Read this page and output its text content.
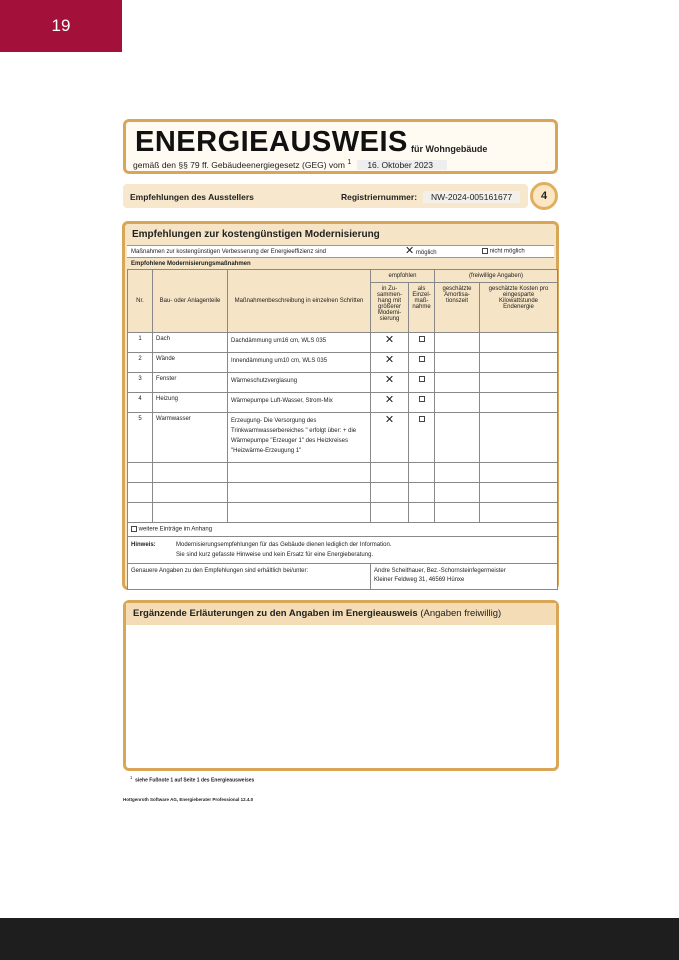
19
ENERGIEAUSWEIS für Wohngebäude
gemäß den §§ 79 ff. Gebäudeenergiegesetz (GEG) vom $^1$ 16. Oktober 2023
Empfehlungen des Ausstellers	Registriernummer:	NW-2024-005161677	4
Empfehlungen zur kostengünstigen Modernisierung
Maßnahmen zur kostengünstigen Verbesserung der Energieeffizienz sind	✕ möglich	nicht möglich
Empfohlene Modernisierungsmaßnahmen
Nr.	Bau- oder Anlagenteile	Maßnahmenbeschreibung in einzelnen Schritten	empfohlen		(freiwillige Angaben)	
			in Zu-sammen-hang mit größerer Modemi-sierung	als Einzel-maß-nahme	geschätzte Amortisa-tionszeit	geschätzte Kosten pro eingesparte Kilowattstunde Endenergie
1	Dach	Dachdämmung um16 cm, WLS 035	✕			
2	Wände	Innendämmung um10 cm, WLS 035	✕			
3	Fenster	Wärmeschutzverglasung	✕			
4	Heizung	Wärmepumpe Luft-Wasser, Strom-Mix	✕			
5	Warmwasser	Erzeugung- Die Versorgung des Trinkwarmwasserbereiches " erfolgt über: + die Wärmepumpe "Erzeuger 1" des Heizkreises "Heizwärme-Erzeugung 1"	✕			

weitere Einträge im Anhang						
Hinweis: Modernisierungsempfehlungen für das Gebäude dienen lediglich der Information.
Sie sind kurz gefasste Hinweise und kein Ersatz für eine Energieberatung.						
Genauere Angaben zu den Empfehlungen sind erhältlich bei/unter:			Andre Scheithauer, Bez.-Schornsteinfegermeister
Kleiner Feldweg 31, 46569 Hünxe			
Ergänzende Erläuterungen zu den Angaben im Energieausweis (Angaben freiwillig)
$^1$  siehe Fußnote 1 auf Seite 1 des Energieausweises
Hottgenroth Software AG, Energieberater Professional 12.4.0
